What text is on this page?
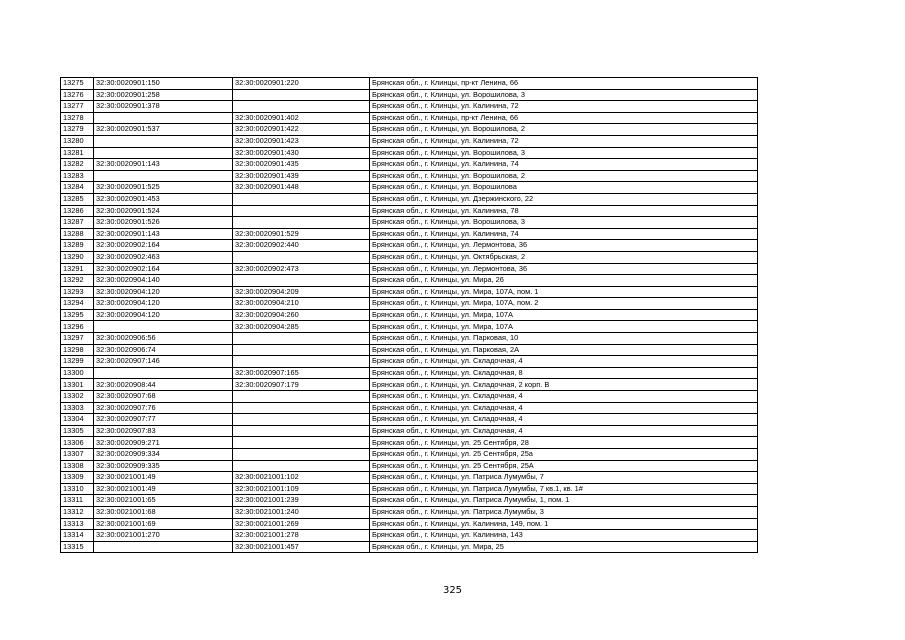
13275	32:30:0020901:150	32:30:0020901:220	Брянская обл., г. Клинцы, пр-кт Ленина, 66
13276	32:30:0020901:258		Брянская обл., г. Клинцы, ул. Ворошилова, 3
13277	32:30:0020901:378		Брянская обл., г. Клинцы, ул. Калинина, 72
13278		32:30:0020901:402	Брянская обл., г. Клинцы, пр-кт Ленина, 66
13279	32:30:0020901:537	32:30:0020901:422	Брянская обл., г. Клинцы, ул. Ворошилова, 2
13280		32:30:0020901:423	Брянская обл., г. Клинцы, ул. Калинина, 72
13281		32:30:0020901:430	Брянская обл., г. Клинцы, ул. Ворошилова, 3
13282	32:30:0020901:143	32:30:0020901:435	Брянская обл., г. Клинцы, ул. Калинина, 74
13283		32:30:0020901:439	Брянская обл., г. Клинцы, ул. Ворошилова, 2
13284	32:30:0020901:525	32:30:0020901:448	Брянская обл., г. Клинцы, ул. Ворошилова
13285	32:30:0020901:453		Брянская обл., г. Клинцы, ул. Дзержинского, 22
13286	32:30:0020901:524		Брянская обл., г. Клинцы, ул. Калинина, 78
13287	32:30:0020901:526		Брянская обл., г. Клинцы, ул. Ворошилова, 3
13288	32:30:0020901:143	32:30:0020901:529	Брянская обл., г. Клинцы, ул. Калинина, 74
13289	32:30:0020902:164	32:30:0020902:440	Брянская обл., г. Клинцы, ул. Лермонтова, 36
13290	32:30:0020902:463		Брянская обл., г. Клинцы, ул. Октябрьская, 2
13291	32:30:0020902:164	32:30:0020902:473	Брянская обл., г. Клинцы, ул. Лермонтова, 36
13292	32:30:0020904:140		Брянская обл., г. Клинцы, ул. Мира, 26
13293	32:30:0020904:120	32:30:0020904:209	Брянская обл., г. Клинцы, ул. Мира, 107А, пом. 1
13294	32:30:0020904:120	32:30:0020904:210	Брянская обл., г. Клинцы, ул. Мира, 107А, пом. 2
13295	32:30:0020904:120	32:30:0020904:260	Брянская обл., г. Клинцы, ул. Мира, 107А
13296		32:30:0020904:285	Брянская обл., г. Клинцы, ул. Мира, 107А
13297	32:30:0020906:56		Брянская обл., г. Клинцы, ул. Парковая, 10
13298	32:30:0020906:74		Брянская обл., г. Клинцы, ул. Парковая, 2А
13299	32:30:0020907:146		Брянская обл., г. Клинцы, ул. Складочная, 4
13300		32:30:0020907:165	Брянская обл., г. Клинцы, ул. Складочная, 8
13301	32:30:0020908:44	32:30:0020907:179	Брянская обл., г. Клинцы, ул. Складочная, 2 корп. В
13302	32:30:0020907:68		Брянская обл., г. Клинцы, ул. Складочная, 4
13303	32:30:0020907:76		Брянская обл., г. Клинцы, ул. Складочная, 4
13304	32:30:0020907:77		Брянская обл., г. Клинцы, ул. Складочная, 4
13305	32:30:0020907:83		Брянская обл., г. Клинцы, ул. Складочная, 4
13306	32:30:0020909:271		Брянская обл., г. Клинцы, ул. 25 Сентября, 28
13307	32:30:0020909:334		Брянская обл., г. Клинцы, ул. 25 Сентября, 25а
13308	32:30:0020909:335		Брянская обл., г. Клинцы, ул. 25 Сентября, 25А
13309	32:30:0021001:49	32:30:0021001:102	Брянская обл., г. Клинцы, ул. Патриса Лумумбы, 7
13310	32:30:0021001:49	32:30:0021001:109	Брянская обл., г. Клинцы, ул. Патриса Лумумбы, 7 кв.1, кв. 1#
13311	32:30:0021001:65	32:30:0021001:239	Брянская обл., г. Клинцы, ул. Патриса Лумумбы, 1, пом. 1
13312	32:30:0021001:68	32:30:0021001:240	Брянская обл., г. Клинцы, ул. Патриса Лумумбы, 3
13313	32:30:0021001:69	32:30:0021001:269	Брянская обл., г. Клинцы, ул. Калинина, 149, пом. 1
13314	32:30:0021001:270	32:30:0021001:278	Брянская обл., г. Клинцы, ул. Калинина, 143
13315		32:30:0021001:457	Брянская обл., г. Клинцы, ул. Мира, 25
325
